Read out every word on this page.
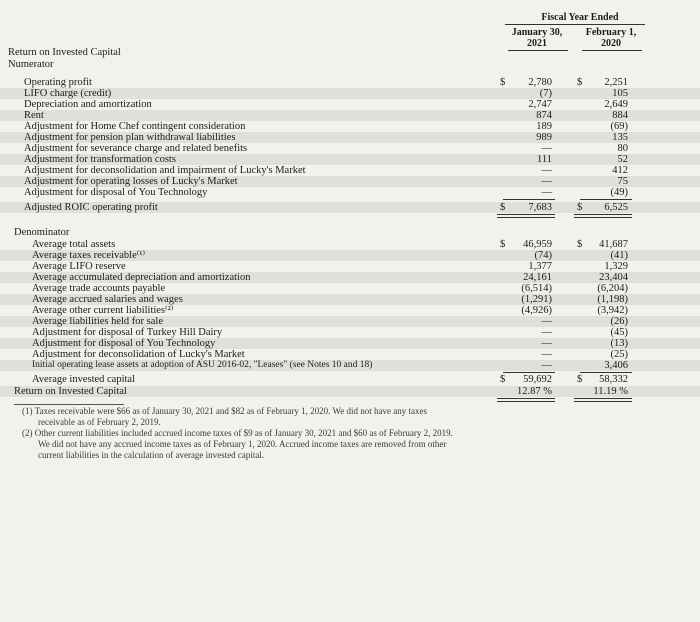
Fiscal Year Ended
January 30,	February 1,
2021	2020
Return on Invested Capital
Numerator
Operating profit	$ 2,780 $ 2,251
LIFO charge (credit)	(7)	105
Depreciation and amortization	2,747	2,649
Rent	874	884
Adjustment for Home Chef contingent consideration	189	(69)
Adjustment for pension plan withdrawal liabilities	989	135
Adjustment for severance charge and related benefits	—	80
Adjustment for transformation costs	111	52
Adjustment for deconsolidation and impairment of Lucky's Market	—	412
Adjustment for operating losses of Lucky's Market	—	75
Adjustment for disposal of You Technology	—	(49)
Adjusted ROIC operating profit	$ 7,683 $ 6,525
Denominator
Average total assets	$ 46,959 $ 41,687
Average taxes receivable⁽¹⁾	(74)	(41)
Average LIFO reserve	1,377	1,329
Average accumulated depreciation and amortization	24,161	23,404
Average trade accounts payable	(6,514)	(6,204)
Average accrued salaries and wages	(1,291)	(1,198)
Average other current liabilities⁽²⁾	(4,926)	(3,942)
Average liabilities held for sale	—	(26)
Adjustment for disposal of Turkey Hill Dairy	—	(45)
Adjustment for disposal of You Technology	—	(13)
Adjustment for deconsolidation of Lucky's Market	—	(25)
Initial operating lease assets at adoption of ASU 2016-02, "Leases" (see Notes 10 and 18)	—	3,406
Average invested capital	$ 59,692 $ 58,332
Return on Invested Capital	12.87 %	11.19 %
(1) Taxes receivable were $66 as of January 30, 2021 and $82 as of February 1, 2020. We did not have any taxes
receivable as of February 2, 2019.
(2) Other current liabilities included accrued income taxes of $9 as of January 30, 2021 and $60 as of February 2, 2019.
We did not have any accrued income taxes as of February 1, 2020. Accrued income taxes are removed from other
current liabilities in the calculation of average invested capital.
